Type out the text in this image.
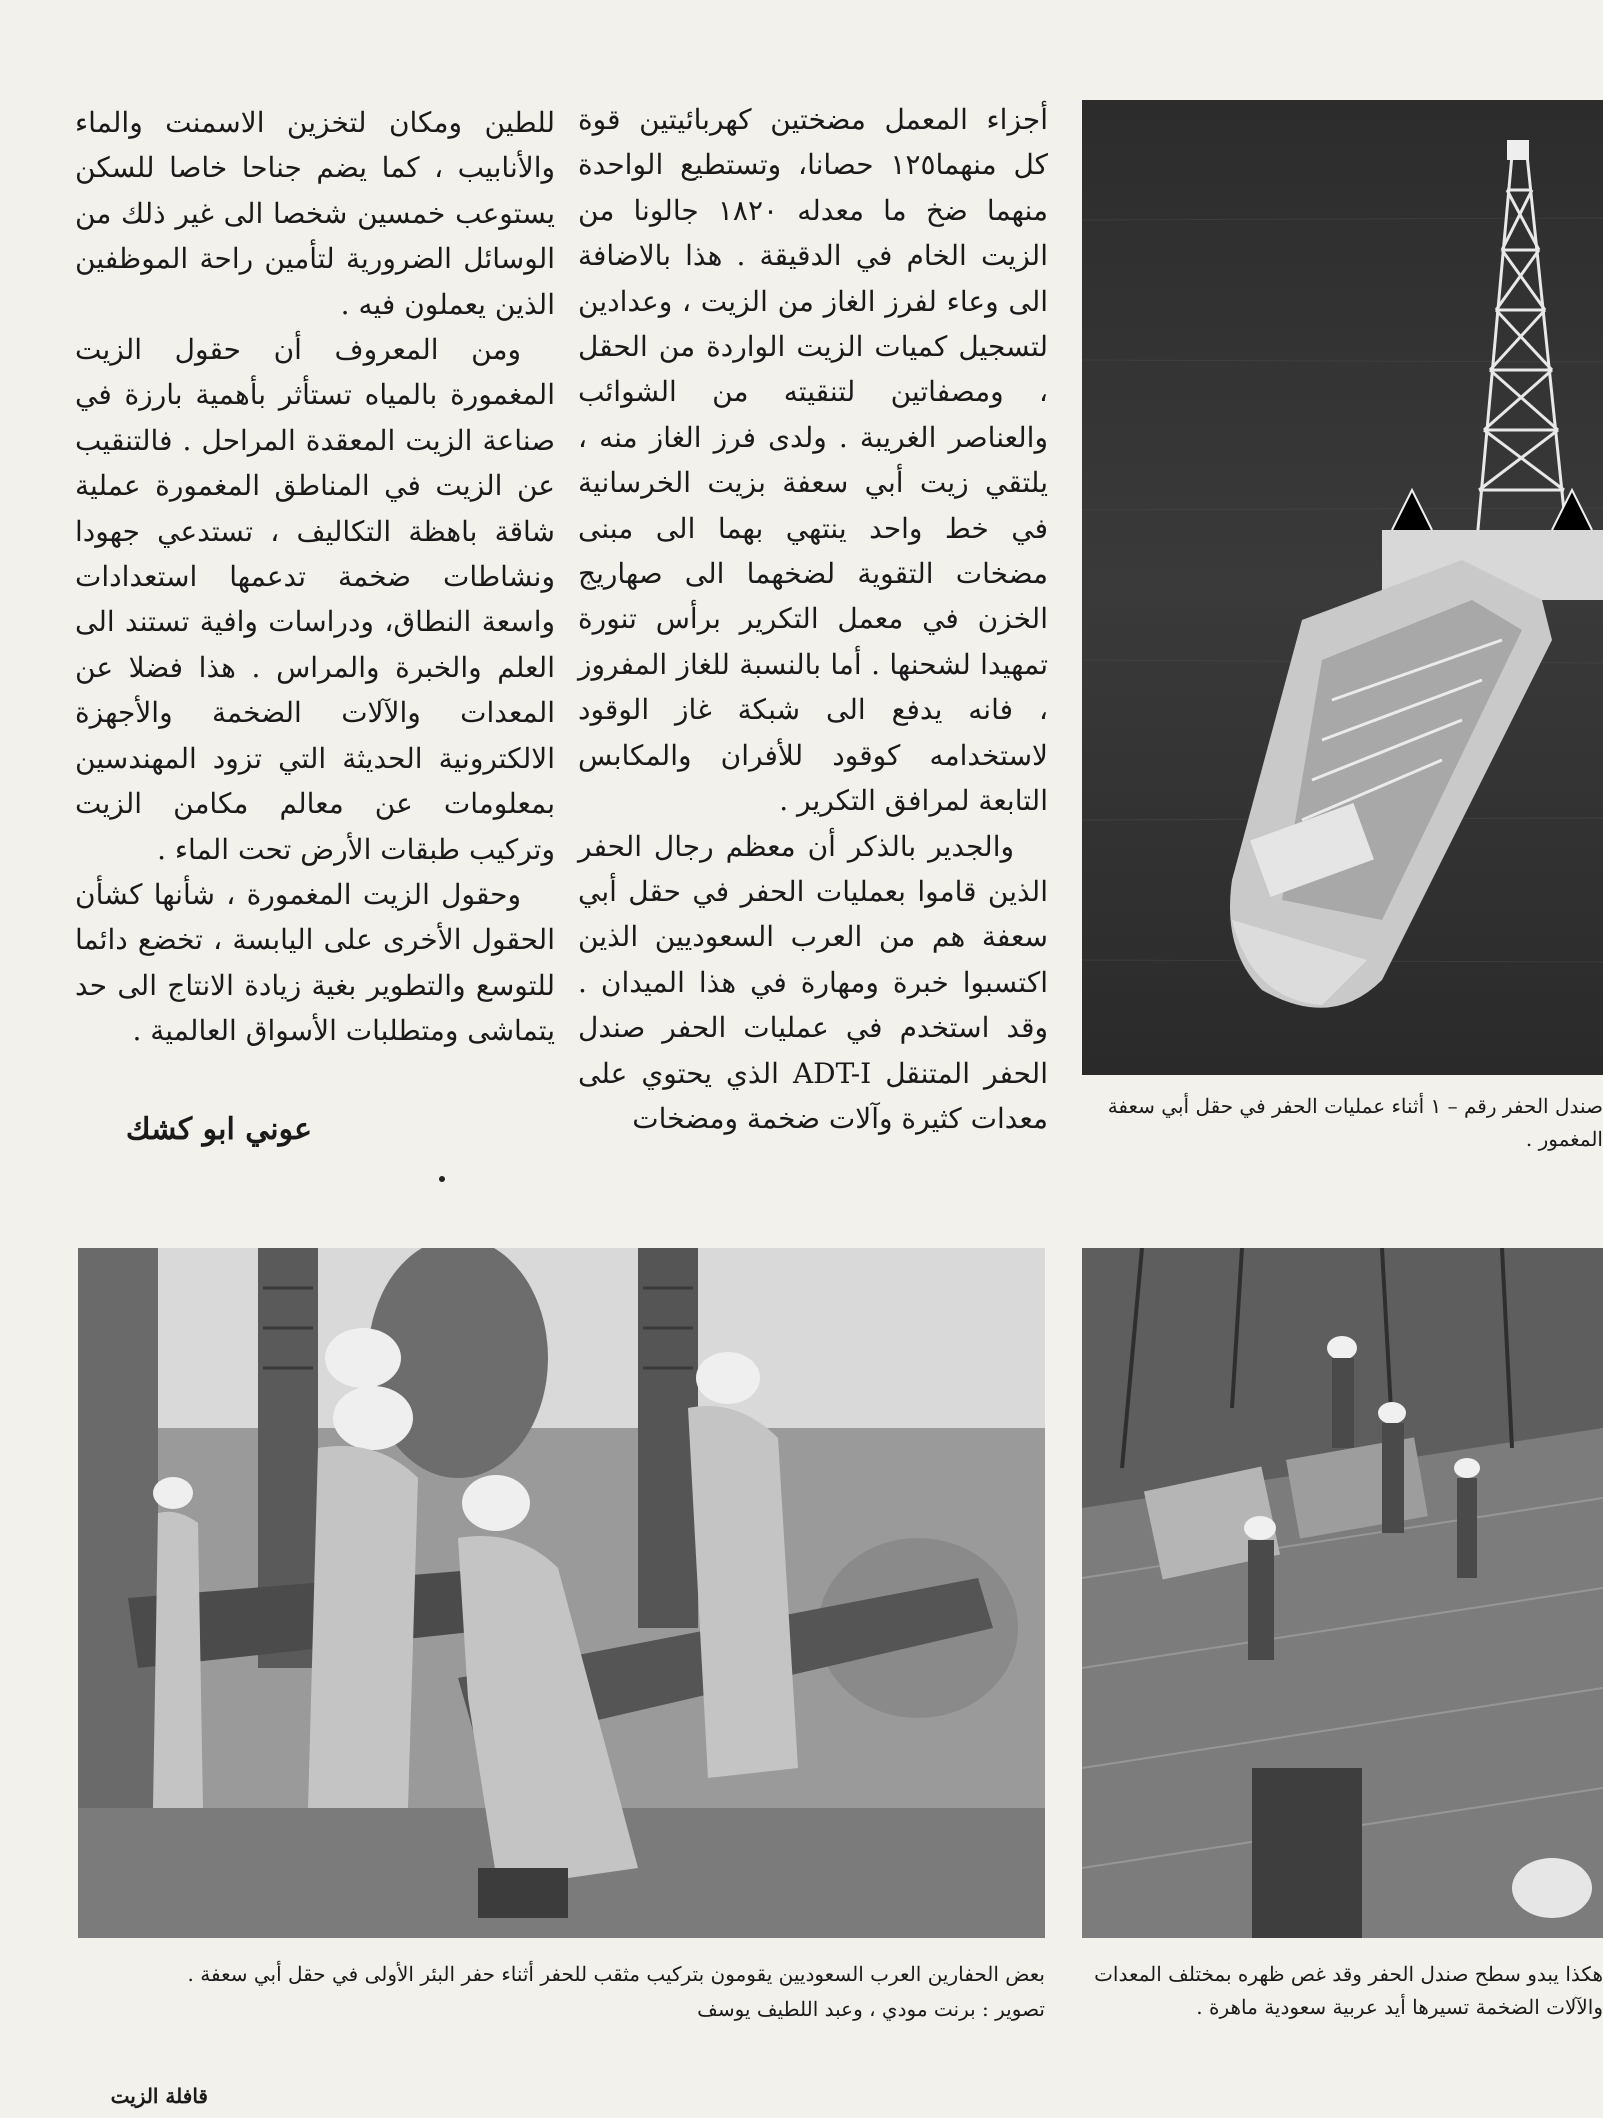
للطين ومكان لتخزين الاسمنت والماء والأنابيب ، كما يضم جناحا خاصا للسكن يستوعب خمسين شخصا الى غير ذلك من الوسائل الضرورية لتأمين راحة الموظفين الذين يعملون فيه .

ومن المعروف أن حقول الزيت المغمورة بالمياه تستأثر بأهمية بارزة في صناعة الزيت المعقدة المراحل . فالتنقيب عن الزيت في المناطق المغمورة عملية شاقة باهظة التكاليف ، تستدعي جهودا ونشاطات ضخمة تدعمها استعدادات واسعة النطاق، ودراسات وافية تستند الى العلم والخبرة والمراس . هذا فضلا عن المعدات والآلات الضخمة والأجهزة الالكترونية الحديثة التي تزود المهندسين بمعلومات عن معالم مكامن الزيت وتركيب طبقات الأرض تحت الماء .

وحقول الزيت المغمورة ، شأنها كشأن الحقول الأخرى على اليابسة ، تخضع دائما للتوسع والتطوير بغية زيادة الانتاج الى حد يتماشى ومتطلبات الأسواق العالمية .

عوني ابو كشك

أجزاء المعمل مضختين كهربائيتين قوة كل منهما١٢٥ حصانا، وتستطيع الواحدة منهما ضخ ما معدله ١٨٢٠ جالونا من الزيت الخام في الدقيقة . هذا بالاضافة الى وعاء لفرز الغاز من الزيت ، وعدادين لتسجيل كميات الزيت الواردة من الحقل ، ومصفاتين لتنقيته من الشوائب والعناصر الغريبة . ولدى فرز الغاز منه ، يلتقي زيت أبي سعفة بزيت الخرسانية في خط واحد ينتهي بهما الى مبنى مضخات التقوية لضخهما الى صهاريج الخزن في معمل التكرير برأس تنورة تمهيدا لشحنها . أما بالنسبة للغاز المفروز ، فانه يدفع الى شبكة غاز الوقود لاستخدامه كوقود للأفران والمكابس التابعة لمرافق التكرير .

والجدير بالذكر أن معظم رجال الحفر الذين قاموا بعمليات الحفر في حقل أبي سعفة هم من العرب السعوديين الذين اكتسبوا خبرة ومهارة في هذا الميدان . وقد استخدم في عمليات الحفر صندل الحفر المتنقل ADT-I الذي يحتوي على معدات كثيرة وآلات ضخمة ومضخات	صندل الحفر رقم – ١ أثناء عمليات الحفر في حقل أبي سعفة المغمور .
بعض الحفارين العرب السعوديين يقومون بتركيب مثقب للحفر أثناء حفر البئر الأولى في حقل أبي سعفة .
تصوير : برنت مودي ، وعبد اللطيف يوسف
هكذا يبدو سطح صندل الحفر وقد غص ظهره بمختلف المعدات والآلات الضخمة تسيرها أيد عربية سعودية ماهرة .
قافلة الزيت
